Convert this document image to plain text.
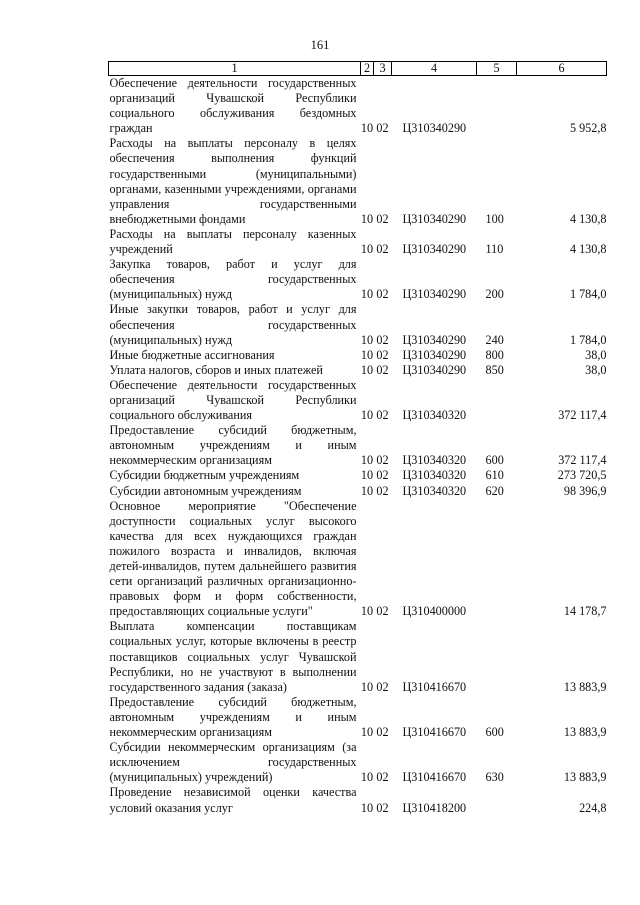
161
1	2	3	4	5	6
Обеспечение деятельности государственных организаций Чувашской Республики социального обслуживания бездомных граждан	10	02	Ц310340290		5 952,8
Расходы на выплаты персоналу в целях обеспечения выполнения функций государственными (муниципальными) органами, казенными учреждениями, органами управления государственными внебюджетными фондами	10	02	Ц310340290	100	4 130,8
Расходы на выплаты персоналу казенных учреждений	10	02	Ц310340290	110	4 130,8
Закупка товаров, работ и услуг для обеспечения государственных (муниципальных) нужд	10	02	Ц310340290	200	1 784,0
Иные закупки товаров, работ и услуг для обеспечения государственных (муниципальных) нужд	10	02	Ц310340290	240	1 784,0
Иные бюджетные ассигнования	10	02	Ц310340290	800	38,0
Уплата налогов, сборов и иных платежей	10	02	Ц310340290	850	38,0
Обеспечение деятельности государственных организаций Чувашской Республики социального обслуживания	10	02	Ц310340320		372 117,4
Предоставление субсидий бюджетным, автономным учреждениям и иным некоммерческим организациям	10	02	Ц310340320	600	372 117,4
Субсидии бюджетным учреждениям	10	02	Ц310340320	610	273 720,5
Субсидии автономным учреждениям	10	02	Ц310340320	620	98 396,9
Основное мероприятие "Обеспечение доступности социальных услуг высокого качества для всех нуждающихся граждан пожилого возраста и инвалидов, включая детей-инвалидов, путем дальнейшего развития сети организаций различных организационно-правовых форм и форм собственности, предоставляющих социальные услуги"	10	02	Ц310400000		14 178,7
Выплата компенсации поставщикам социальных услуг, которые включены в реестр поставщиков социальных услуг Чувашской Республики, но не участвуют в выполнении государственного задания (заказа)	10	02	Ц310416670		13 883,9
Предоставление субсидий бюджетным, автономным учреждениям и иным некоммерческим организациям	10	02	Ц310416670	600	13 883,9
Субсидии некоммерческим организациям (за исключением государственных (муниципальных) учреждений)	10	02	Ц310416670	630	13 883,9
Проведение независимой оценки качества условий оказания услуг	10	02	Ц310418200		224,8
